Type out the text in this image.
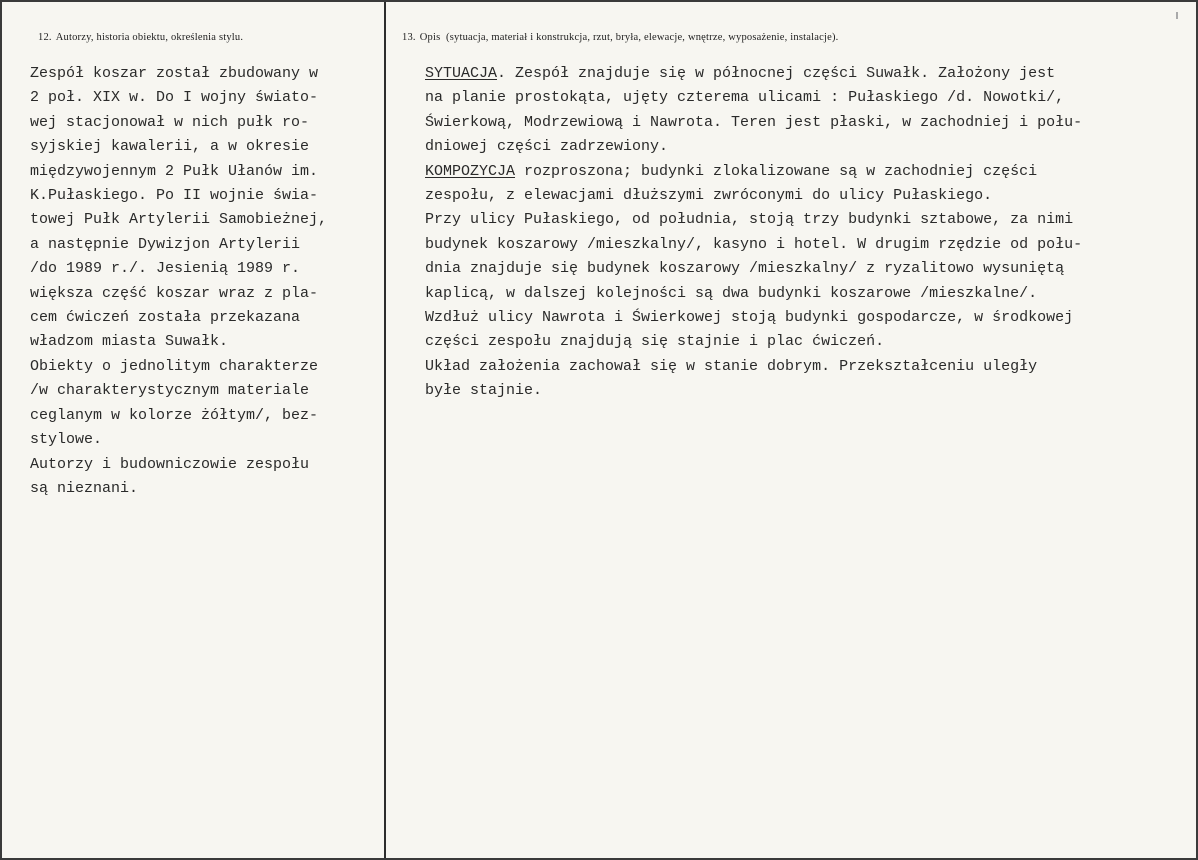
12. Autorzy, historia obiektu, określenia stylu.
Zespół koszar został zbudowany w
2 poł. XIX w. Do I wojny świato-
wej stacjonował w nich pułk ro-
syjskiej kawalerii, a w okresie
międzywojennym 2 Pułk Ułanów im.
K.Pułaskiego. Po II wojnie świa-
towej Pułk Artylerii Samobieżnej,
a następnie Dywizjon Artylerii
/do 1989 r./. Jesienią 1989 r.
większa część koszar wraz z pla-
cem ćwiczeń została przekazana
władzom miasta Suwałk.
Obiekty o jednolitym charakterze
/w charakterystycznym materiale
ceglanym w kolorze żółtym/, bez-
stylowe.
Autorzy i budowniczowie zespołu
są nieznani.
13. Opis (sytuacja, materiał i konstrukcja, rzut, bryła, elewacje, wnętrze, wyposażenie, instalacje).
SYTUACJA. Zespół znajduje się w północnej części Suwałk. Założony jest
na planie prostokąta, ujęty czterema ulicami : Pułaskiego /d. Nowotki/,
Świerkową, Modrzewiową i Nawrota. Teren jest płaski, w zachodniej i połu-
dniowej części zadrzewiony.
KOMPOZYCJA rozproszona; budynki zlokalizowane są w zachodniej części
zespołu, z elewacjami dłuższymi zwróconymi do ulicy Pułaskiego.
Przy ulicy Pułaskiego, od południa, stoją trzy budynki sztabowe, za nimi
budynek koszarowy /mieszkalny/, kasyno i hotel. W drugim rzędzie od połu-
dnia znajduje się budynek koszarowy /mieszkalny/ z ryzalitowo wysuniętą
kaplicą, w dalszej kolejności są dwa budynki koszarowe /mieszkalne/.
Wzdłuż ulicy Nawrota i Świerkowej stoją budynki gospodarcze, w środkowej
części zespołu znajdują się stajnie i plac ćwiczeń.
Układ założenia zachował się w stanie dobrym. Przekształceniu uległy
byłe stajnie.
